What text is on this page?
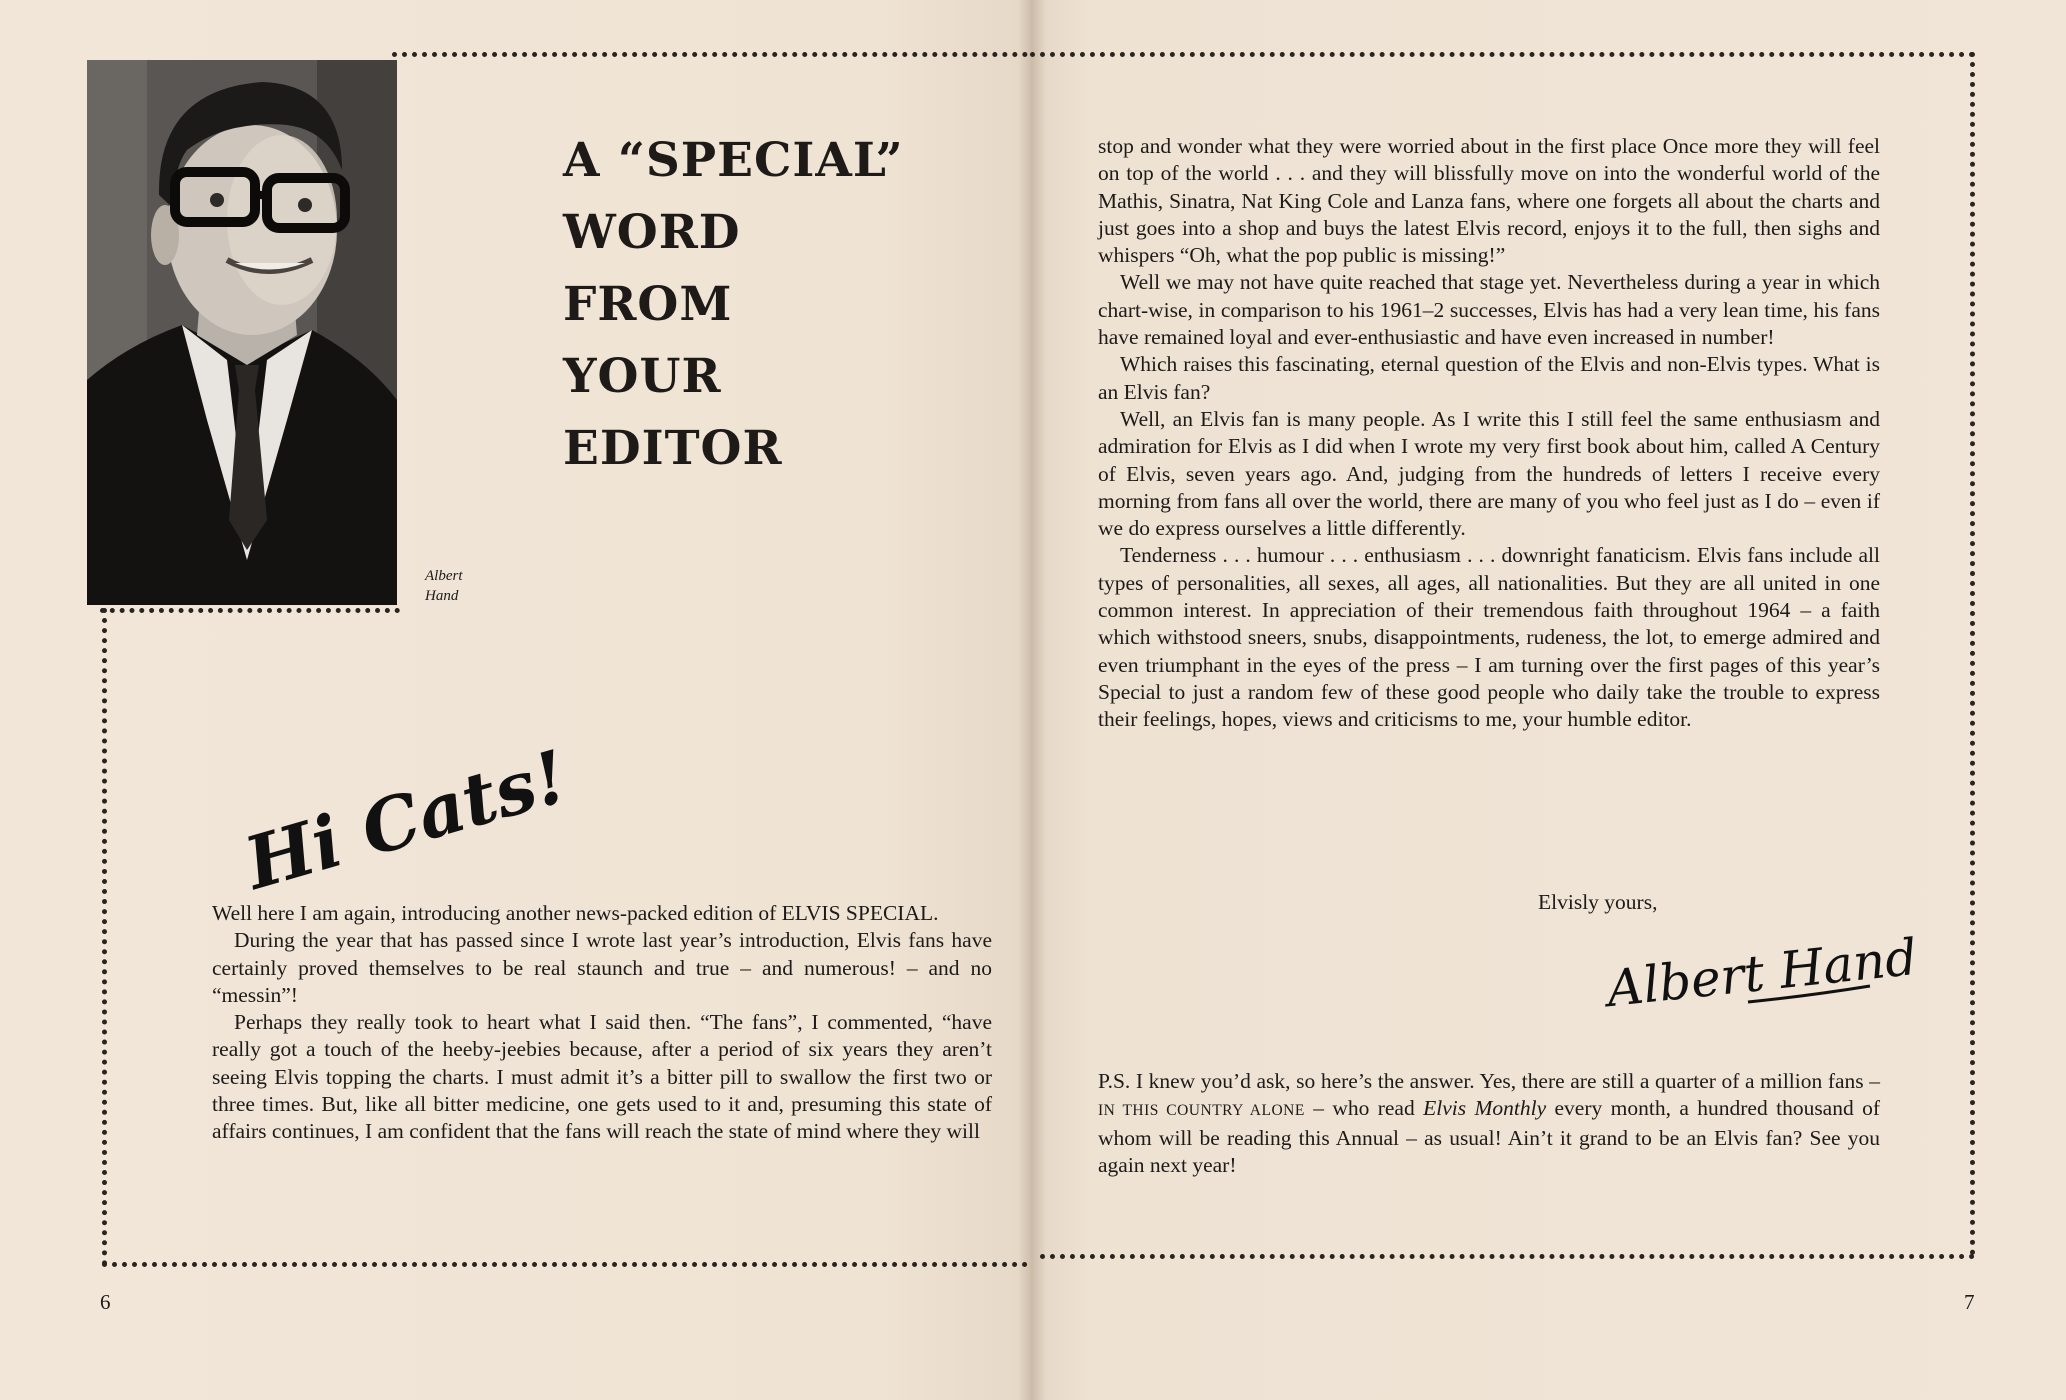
Albert
Hand
A “SPECIAL”
WORD
FROM
YOUR
EDITOR
Hi Cats!

Well here I am again, introducing another news-packed edition of ELVIS SPECIAL.

During the year that has passed since I wrote last year’s introduction, Elvis fans have certainly proved themselves to be real staunch and true – and numerous! – and no “messin”!

Perhaps they really took to heart what I said then. “The fans”, I commented, “have really got a touch of the heeby-jeebies because, after a period of six years they aren’t seeing Elvis topping the charts. I must admit it’s a bitter pill to swallow the first two or three times. But, like all bitter medicine, one gets used to it and, presuming this state of affairs continues, I am confident that the fans will reach the state of mind where they will

stop and wonder what they were worried about in the first place Once more they will feel on top of the world . . . and they will blissfully move on into the wonderful world of the Mathis, Sinatra, Nat King Cole and Lanza fans, where one forgets all about the charts and just goes into a shop and buys the latest Elvis record, enjoys it to the full, then sighs and whispers “Oh, what the pop public is missing!”

Well we may not have quite reached that stage yet. Nevertheless during a year in which chart-wise, in comparison to his 1961–2 successes, Elvis has had a very lean time, his fans have remained loyal and ever-enthusiastic and have even increased in number!

Which raises this fascinating, eternal question of the Elvis and non-Elvis types. What is an Elvis fan?

Well, an Elvis fan is many people. As I write this I still feel the same enthusiasm and admiration for Elvis as I did when I wrote my very first book about him, called A Century of Elvis, seven years ago. And, judging from the hundreds of letters I receive every morning from fans all over the world, there are many of you who feel just as I do – even if we do express ourselves a little differently.

Tenderness . . . humour . . . enthusiasm . . . downright fanaticism. Elvis fans include all types of personalities, all sexes, all ages, all nationalities. But they are all united in one common interest. In appreciation of their tremendous faith throughout 1964 – a faith which withstood sneers, snubs, disappointments, rudeness, the lot, to emerge admired and even triumphant in the eyes of the press – I am turning over the first pages of this year’s Special to just a random few of these good people who daily take the trouble to express their feelings, hopes, views and criticisms to me, your humble editor.

Elvisly yours,
Albert Hand

P.S. I knew you’d ask, so here’s the answer. Yes, there are still a quarter of a million fans – IN THIS COUNTRY ALONE – who read Elvis Monthly every month, a hundred thousand of whom will be reading this Annual – as usual! Ain’t it grand to be an Elvis fan? See you again next year!

6	7
